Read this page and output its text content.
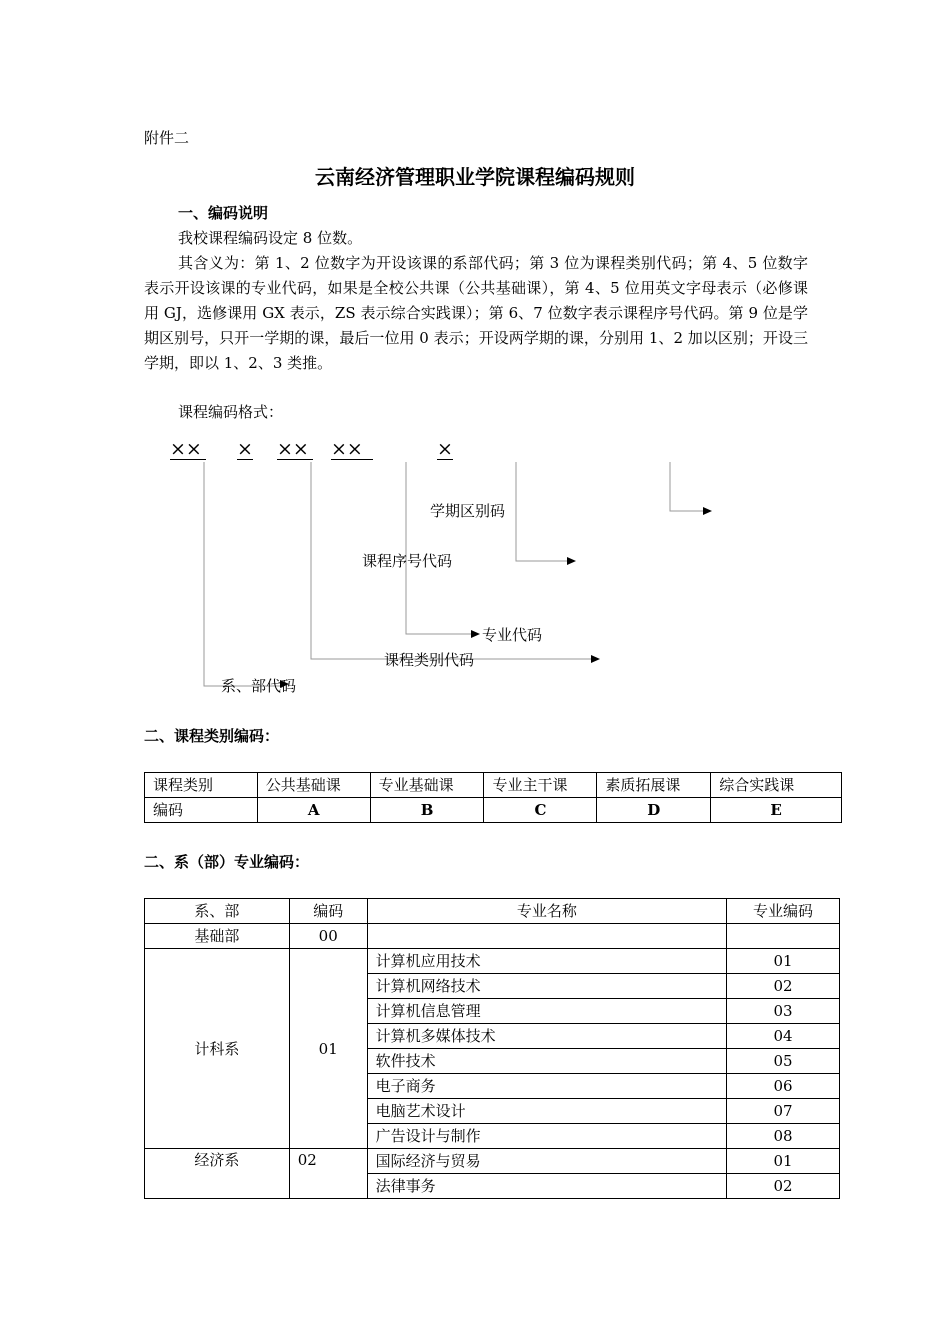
附件二
云南经济管理职业学院课程编码规则
一、编码说明
我校课程编码设定 8 位数。
其含义为：第 1、2 位数字为开设该课的系部代码；第 3 位为课程类别代码；第 4、5 位数字表示开设该课的专业代码，如果是全校公共课（公共基础课），第 4、5 位用英文字母表示（必修课用 GJ，选修课用 GX 表示，ZS 表示综合实践课）；第 6、7 位数字表示课程序号代码。第 9 位是学期区别号，只开一学期的课，最后一位用 0 表示；开设两学期的课，分别用 1、2 加以区别；开设三学期，即以 1、2、3 类推。
课程编码格式：
×× × ×× ××	×
学期区别码
课程序号代码
专业代码
课程类别代码
系、部代码
二、课程类别编码：
课程类别	公共基础课	专业基础课	专业主干课	素质拓展课	综合实践课
编码	A	B	C	D	E
二、系（部）专业编码：
系、部	编码	专业名称	专业编码
基础部	00		
计科系	01	计算机应用技术	01
		计算机网络技术	02
		计算机信息管理	03
		计算机多媒体技术	04
		软件技术	05
		电子商务	06
		电脑艺术设计	07
		广告设计与制作	08
经济系	02	国际经济与贸易	01
		法律事务	02
